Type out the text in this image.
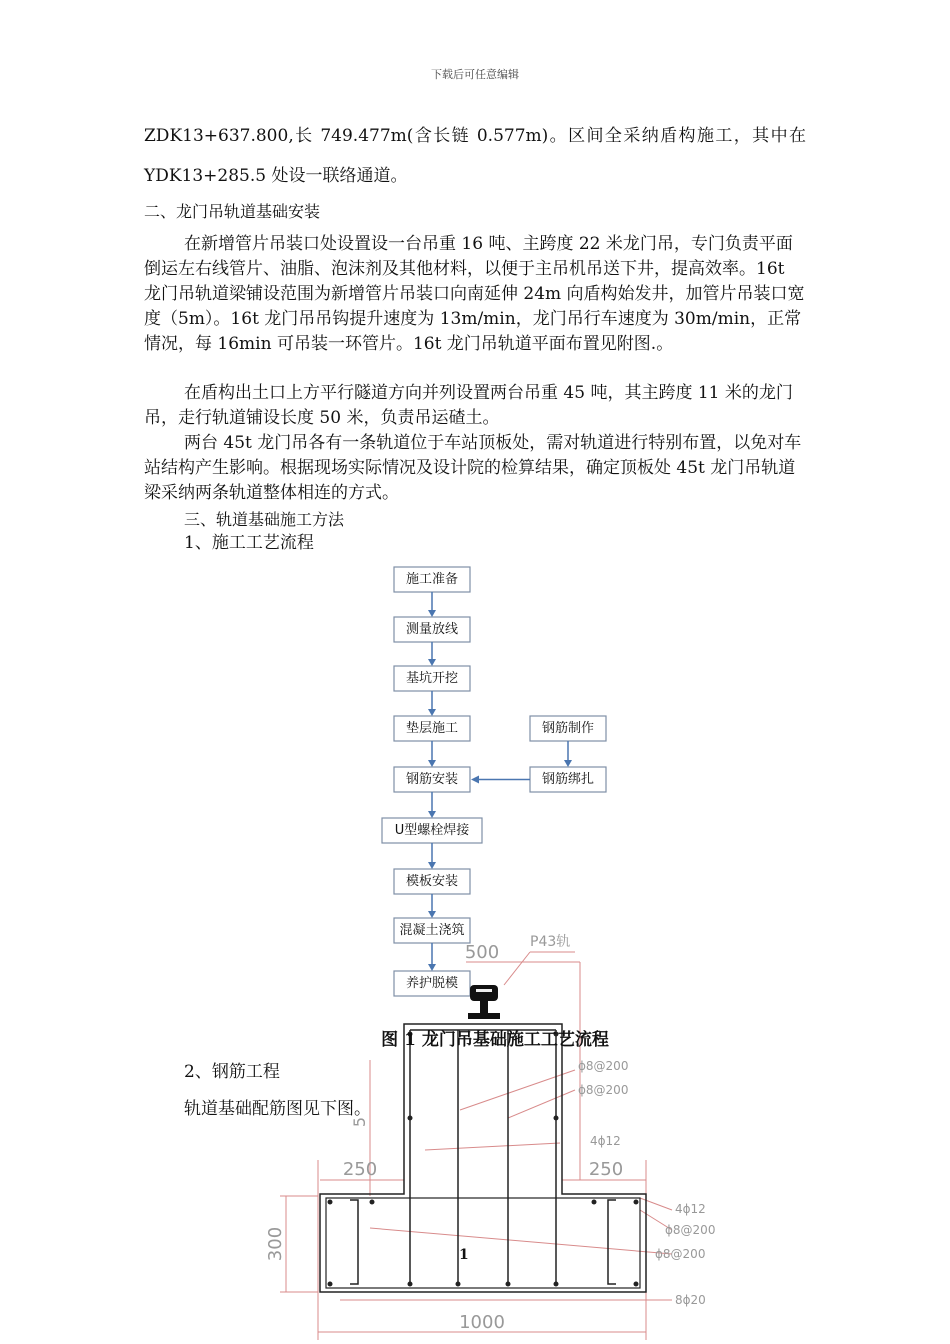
下载后可任意编辑
ZDK13+637.800,长 749.477m(含长链 0.577m)。区间全采纳盾构施工，其中在
YDK13+285.5 处设一联络通道。
二、龙门吊轨道基础安装
在新增管片吊装口处设置设一台吊重 16 吨、主跨度 22 米龙门吊，专门负责平面倒运左右线管片、油脂、泡沫剂及其他材料，以便于主吊机吊送下井，提高效率。16t 龙门吊轨道梁铺设范围为新增管片吊装口向南延伸 24m 向盾构始发井，加管片吊装口宽度（5m）。16t 龙门吊吊钩提升速度为 13m/min，龙门吊行车速度为 30m/min，正常情况，每 16min 可吊装一环管片。16t 龙门吊轨道平面布置见附图.。
在盾构出土口上方平行隧道方向并列设置两台吊重 45 吨，其主跨度 11 米的龙门吊，走行轨道铺设长度 50 米，负责吊运碴土。
两台 45t 龙门吊各有一条轨道位于车站顶板处，需对轨道进行特别布置，以免对车站结构产生影响。根据现场实际情况及设计院的检算结果，确定顶板处 45t 龙门吊轨道梁采纳两条轨道整体相连的方式。
三、轨道基础施工方法
1、施工工艺流程
施工准备
测量放线
基坑开挖
垫层施工
钢筋安装
U型螺栓焊接
模板安装
混凝土浇筑
养护脱模
钢筋制作
钢筋绑扎
1000
250	250
500
300
5
P43轨
ϕ8@200
ϕ8@200
4ϕ12
4ϕ12
ϕ8@200
ϕ8@200
8ϕ20
图 1 龙门吊基础施工工艺流程
2、钢筋工程
轨道基础配筋图见下图。
1
